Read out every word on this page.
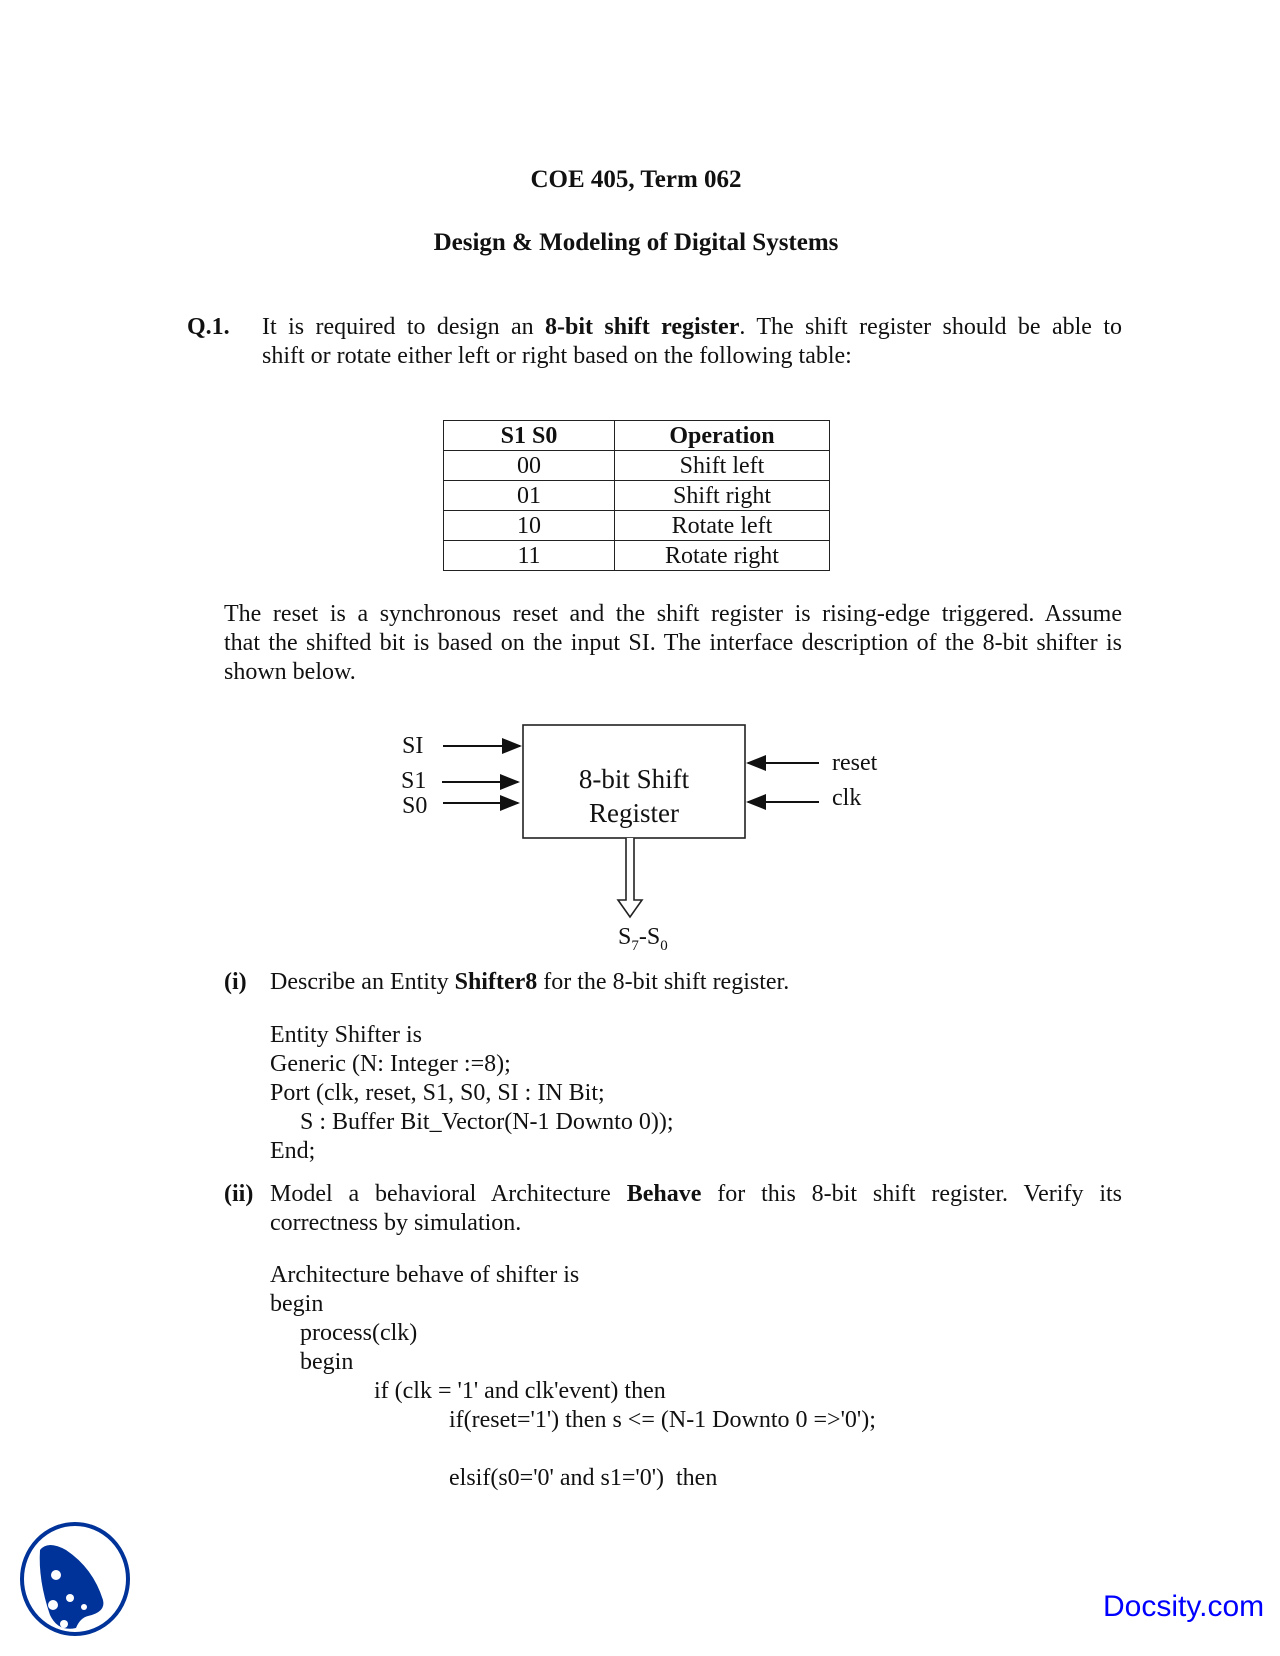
COE 405, Term 062
Design & Modeling of Digital Systems
Q.1. It is required to design an 8-bit shift register. The shift register should be able to
shift or rotate either left or right based on the following table:
S1 S0	Operation
00	Shift left
01	Shift right
10	Rotate left
11	Rotate right
The reset is a synchronous reset and the shift register is rising-edge triggered. Assume
that the shifted bit is based on the input SI. The interface description of the 8-bit shifter is
shown below.
8-bit Shift
Register
SI
S1
S0
reset
clk
$S_7-S_0$
(i) Describe an Entity Shifter8 for the 8-bit shift register.
Entity Shifter is
Generic (N: Integer :=8);
Port (clk, reset, S1, S0, SI : IN Bit;
S : Buffer Bit_Vector(N-1 Downto 0));
End;
(ii) Model a behavioral Architecture Behave for this 8-bit shift register. Verify its
correctness by simulation.
Architecture behave of shifter is
begin
process(clk)
begin
if (clk = '1' and clk'event) then
if(reset='1') then s <= (N-1 Downto 0 =>'0');
elsif(s0='0' and s1='0')  then
Docsity.com
